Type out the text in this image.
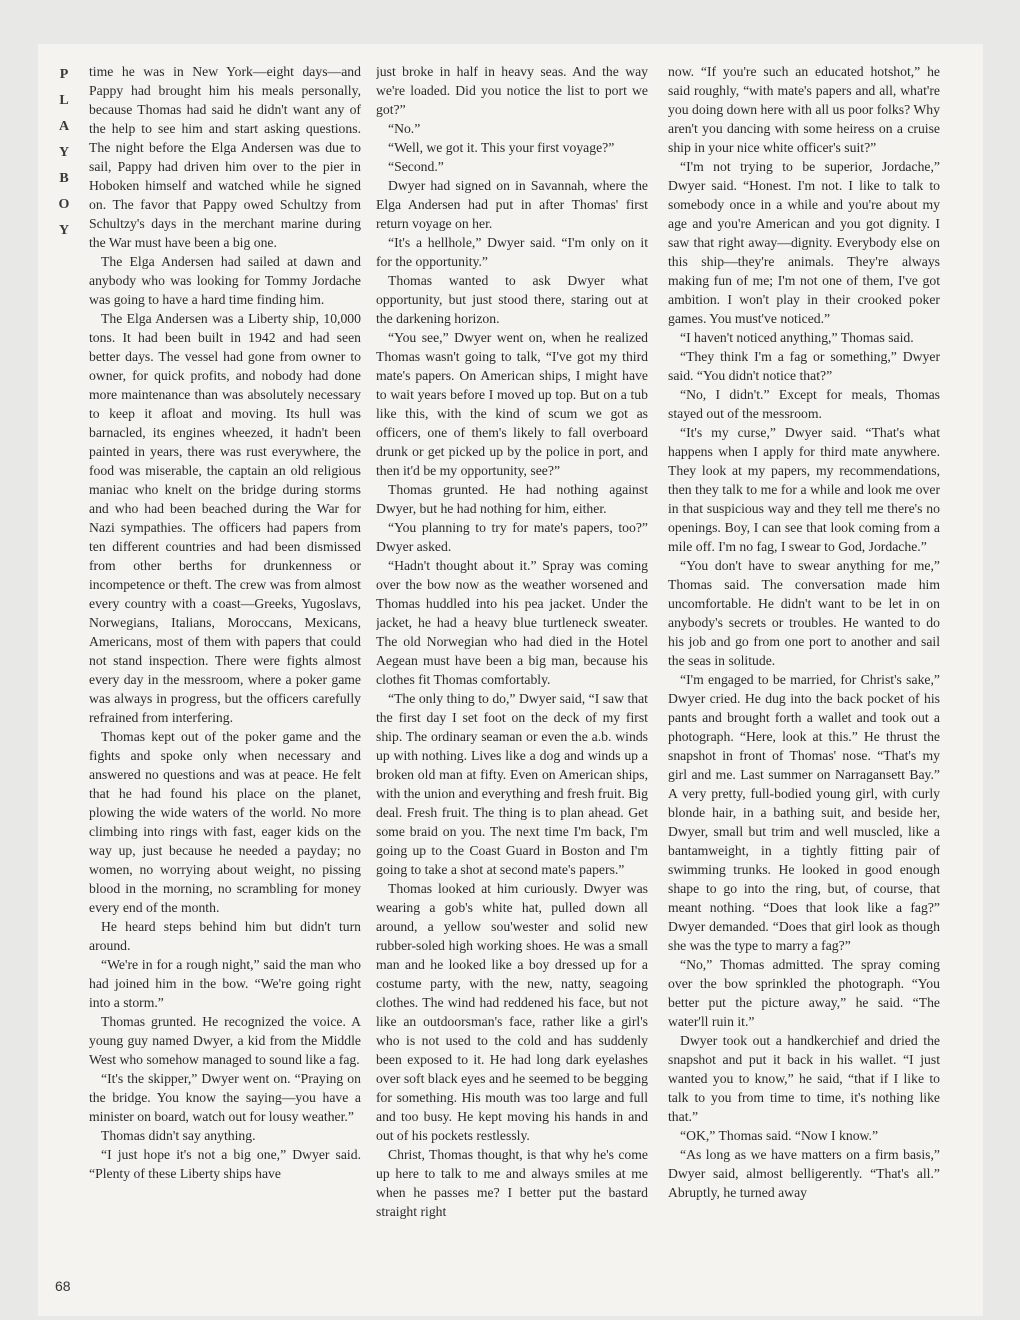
P
L
A
Y
B
O
Y

time he was in New York—eight days—and Pappy had brought him his meals personally, because Thomas had said he didn't want any of the help to see him and start asking questions. The night before the Elga Andersen was due to sail, Pappy had driven him over to the pier in Hoboken himself and watched while he signed on. The favor that Pappy owed Schultzy from Schultzy's days in the merchant marine during the War must have been a big one.

The Elga Andersen had sailed at dawn and anybody who was looking for Tommy Jordache was going to have a hard time finding him.

The Elga Andersen was a Liberty ship, 10,000 tons. It had been built in 1942 and had seen better days. The vessel had gone from owner to owner, for quick profits, and nobody had done more maintenance than was absolutely necessary to keep it afloat and moving. Its hull was barnacled, its engines wheezed, it hadn't been painted in years, there was rust everywhere, the food was miserable, the captain an old religious maniac who knelt on the bridge during storms and who had been beached during the War for Nazi sympathies. The officers had papers from ten different countries and had been dismissed from other berths for drunkenness or incompetence or theft. The crew was from almost every country with a coast—Greeks, Yugoslavs, Norwegians, Italians, Moroccans, Mexicans, Americans, most of them with papers that could not stand inspection. There were fights almost every day in the messroom, where a poker game was always in progress, but the officers carefully refrained from interfering.

Thomas kept out of the poker game and the fights and spoke only when necessary and answered no questions and was at peace. He felt that he had found his place on the planet, plowing the wide waters of the world. No more climbing into rings with fast, eager kids on the way up, just because he needed a payday; no women, no worrying about weight, no pissing blood in the morning, no scrambling for money every end of the month.

He heard steps behind him but didn't turn around.

“We're in for a rough night,” said the man who had joined him in the bow. “We're going right into a storm.”

Thomas grunted. He recognized the voice. A young guy named Dwyer, a kid from the Middle West who somehow managed to sound like a fag.

“It's the skipper,” Dwyer went on. “Praying on the bridge. You know the saying—you have a minister on board, watch out for lousy weather.”

Thomas didn't say anything.

“I just hope it's not a big one,” Dwyer said. “Plenty of these Liberty ships have

just broke in half in heavy seas. And the way we're loaded. Did you notice the list to port we got?”

“No.”

“Well, we got it. This your first voyage?”

“Second.”

Dwyer had signed on in Savannah, where the Elga Andersen had put in after Thomas' first return voyage on her.

“It's a hellhole,” Dwyer said. “I'm only on it for the opportunity.”

Thomas wanted to ask Dwyer what opportunity, but just stood there, staring out at the darkening horizon.

“You see,” Dwyer went on, when he realized Thomas wasn't going to talk, “I've got my third mate's papers. On American ships, I might have to wait years before I moved up top. But on a tub like this, with the kind of scum we got as officers, one of them's likely to fall overboard drunk or get picked up by the police in port, and then it'd be my opportunity, see?”

Thomas grunted. He had nothing against Dwyer, but he had nothing for him, either.

“You planning to try for mate's papers, too?” Dwyer asked.

“Hadn't thought about it.” Spray was coming over the bow now as the weather worsened and Thomas huddled into his pea jacket. Under the jacket, he had a heavy blue turtleneck sweater. The old Norwegian who had died in the Hotel Aegean must have been a big man, because his clothes fit Thomas comfortably.

“The only thing to do,” Dwyer said, “I saw that the first day I set foot on the deck of my first ship. The ordinary seaman or even the a.b. winds up with nothing. Lives like a dog and winds up a broken old man at fifty. Even on American ships, with the union and everything and fresh fruit. Big deal. Fresh fruit. The thing is to plan ahead. Get some braid on you. The next time I'm back, I'm going up to the Coast Guard in Boston and I'm going to take a shot at second mate's papers.”

Thomas looked at him curiously. Dwyer was wearing a gob's white hat, pulled down all around, a yellow sou'wester and solid new rubber-soled high working shoes. He was a small man and he looked like a boy dressed up for a costume party, with the new, natty, seagoing clothes. The wind had reddened his face, but not like an outdoorsman's face, rather like a girl's who is not used to the cold and has suddenly been exposed to it. He had long dark eyelashes over soft black eyes and he seemed to be begging for something. His mouth was too large and full and too busy. He kept moving his hands in and out of his pockets restlessly.

Christ, Thomas thought, is that why he's come up here to talk to me and always smiles at me when he passes me? I better put the bastard straight right

now. “If you're such an educated hotshot,” he said roughly, “with mate's papers and all, what're you doing down here with all us poor folks? Why aren't you dancing with some heiress on a cruise ship in your nice white officer's suit?”

“I'm not trying to be superior, Jordache,” Dwyer said. “Honest. I'm not. I like to talk to somebody once in a while and you're about my age and you're American and you got dignity. I saw that right away—dignity. Everybody else on this ship—they're animals. They're always making fun of me; I'm not one of them, I've got ambition. I won't play in their crooked poker games. You must've noticed.”

“I haven't noticed anything,” Thomas said.

“They think I'm a fag or something,” Dwyer said. “You didn't notice that?”

“No, I didn't.” Except for meals, Thomas stayed out of the messroom.

“It's my curse,” Dwyer said. “That's what happens when I apply for third mate anywhere. They look at my papers, my recommendations, then they talk to me for a while and look me over in that suspicious way and they tell me there's no openings. Boy, I can see that look coming from a mile off. I'm no fag, I swear to God, Jordache.”

“You don't have to swear anything for me,” Thomas said. The conversation made him uncomfortable. He didn't want to be let in on anybody's secrets or troubles. He wanted to do his job and go from one port to another and sail the seas in solitude.

“I'm engaged to be married, for Christ's sake,” Dwyer cried. He dug into the back pocket of his pants and brought forth a wallet and took out a photograph. “Here, look at this.” He thrust the snapshot in front of Thomas' nose. “That's my girl and me. Last summer on Narragansett Bay.” A very pretty, full-bodied young girl, with curly blonde hair, in a bathing suit, and beside her, Dwyer, small but trim and well muscled, like a bantamweight, in a tightly fitting pair of swimming trunks. He looked in good enough shape to go into the ring, but, of course, that meant nothing. “Does that look like a fag?” Dwyer demanded. “Does that girl look as though she was the type to marry a fag?”

“No,” Thomas admitted. The spray coming over the bow sprinkled the photograph. “You better put the picture away,” he said. “The water'll ruin it.”

Dwyer took out a handkerchief and dried the snapshot and put it back in his wallet. “I just wanted you to know,” he said, “that if I like to talk to you from time to time, it's nothing like that.”

“OK,” Thomas said. “Now I know.”

“As long as we have matters on a firm basis,” Dwyer said, almost belligerently. “That's all.” Abruptly, he turned away

68
